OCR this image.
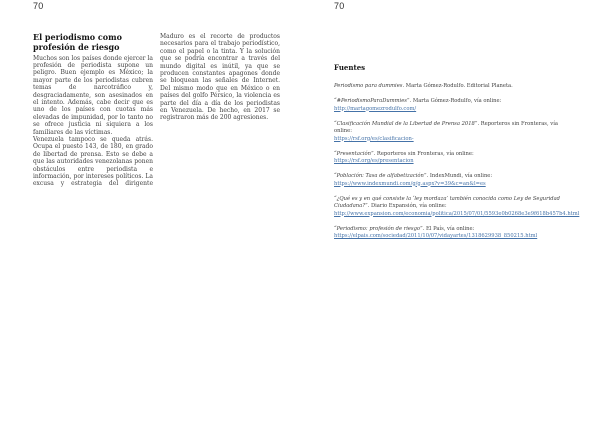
70
El periodismo como profesión de riesgo

Muchos son los países donde ejercer la profesión de periodista supone un peligro. Buen ejemplo es México; la mayor parte de los periodistas cubren temas de narcotráfico y, desgraciadamente, son asesinados en el intento. Además, cabe decir que es uno de los países con cuotas más elevadas de impunidad, por lo tanto no se ofrece justicia ni siquiera a los familiares de las víctimas.

Venezuela tampoco se queda atrás. Ocupa el puesto 143, de 180, en grado de libertad de prensa. Esto se debe a que las autoridades venezolanas ponen obstáculos entre periodista e información, por intereses políticos. La excusa y estrategia del dirigente Maduro es el recorte de productos necesarios para el trabajo periodístico, como el papel o la tinta. Y la solución que se podría encontrar a través del mundo digital es inútil, ya que se producen constantes apagones donde se bloquean las señales de Internet. Del mismo modo que en México o en países del golfo Pérsico, la violencia es parte del día a día de los periodistas en Venezuela. De hecho, en 2017 se registraron más de 200 agresiones.

70
Fuentes
Periodismo para dummies. Marta Gómez-Rodulfo. Editorial Planeta.
“#PeriodismoParaDummies”. Marta Gómez-Rodulfo, vía online:
http://martagomezrodulfo.com/
“Clasificación Mundial de la Libertad de Prensa 2018”. Reporteros sin Fronteras, vía online:
https://rsf.org/es/clasificacion-
“Presentación”. Reporteros sin Fronteras, vía online:
https://rsf.org/es/presentacion
“Población: Tasa de alfabetización”. IndexMundi, vía online:
https://www.indexmundi.com/g/g.aspx?v=39&c=an&l=es
“¿Qué es y en qué consiste la ‘ley mordaza’ también conocida como Ley de Seguridad Ciudadana?”. Diario Expansión, vía online:
http://www.expansion.com/economia/politica/2015/07/01/5593e0b0268e3e9f618b457b4.html
“Periodismo: profesión de riesgo”. El País, vía online:
https://elpais.com/sociedad/2011/10/07/vidayartes/1318629938_850215.html
